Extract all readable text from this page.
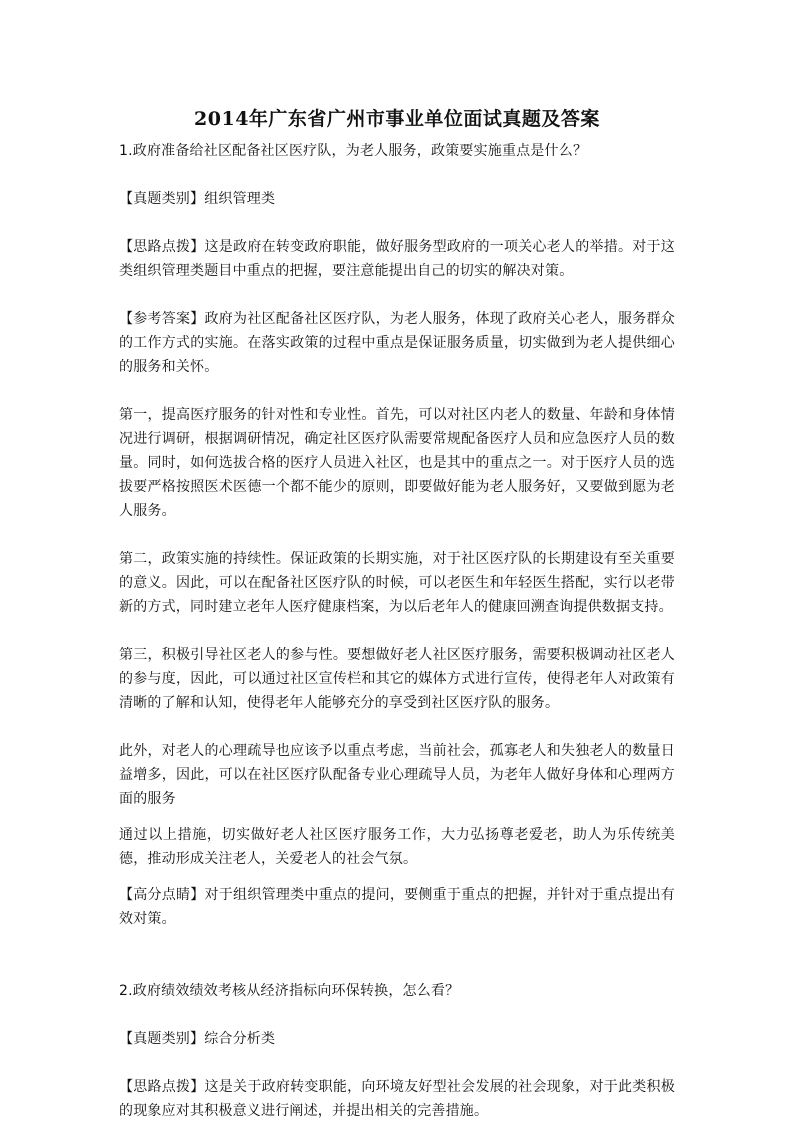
2014年广东省广州市事业单位面试真题及答案

1.政府准备给社区配备社区医疗队，为老人服务，政策要实施重点是什么？

【真题类别】组织管理类

【思路点拨】这是政府在转变政府职能，做好服务型政府的一项关心老人的举措。对于这类组织管理类题目中重点的把握，要注意能提出自己的切实的解决对策。

【参考答案】政府为社区配备社区医疗队，为老人服务，体现了政府关心老人，服务群众的工作方式的实施。在落实政策的过程中重点是保证服务质量，切实做到为老人提供细心的服务和关怀。

第一，提高医疗服务的针对性和专业性。首先，可以对社区内老人的数量、年龄和身体情况进行调研，根据调研情况，确定社区医疗队需要常规配备医疗人员和应急医疗人员的数量。同时，如何选拔合格的医疗人员进入社区，也是其中的重点之一。对于医疗人员的选拔要严格按照医术医德一个都不能少的原则，即要做好能为老人服务好，又要做到愿为老人服务。

第二，政策实施的持续性。保证政策的长期实施，对于社区医疗队的长期建设有至关重要的意义。因此，可以在配备社区医疗队的时候，可以老医生和年轻医生搭配，实行以老带新的方式，同时建立老年人医疗健康档案，为以后老年人的健康回溯查询提供数据支持。

第三，积极引导社区老人的参与性。要想做好老人社区医疗服务，需要积极调动社区老人的参与度，因此，可以通过社区宣传栏和其它的媒体方式进行宣传，使得老年人对政策有清晰的了解和认知，使得老年人能够充分的享受到社区医疗队的服务。

此外，对老人的心理疏导也应该予以重点考虑，当前社会，孤寡老人和失独老人的数量日益增多，因此，可以在社区医疗队配备专业心理疏导人员，为老年人做好身体和心理两方面的服务

通过以上措施，切实做好老人社区医疗服务工作，大力弘扬尊老爱老，助人为乐传统美德，推动形成关注老人，关爱老人的社会气氛。

【高分点睛】对于组织管理类中重点的提问，要侧重于重点的把握，并针对于重点提出有效对策。

2.政府绩效绩效考核从经济指标向环保转换，怎么看？

【真题类别】综合分析类

【思路点拨】这是关于政府转变职能，向环境友好型社会发展的社会现象，对于此类积极的现象应对其积极意义进行阐述，并提出相关的完善措施。
